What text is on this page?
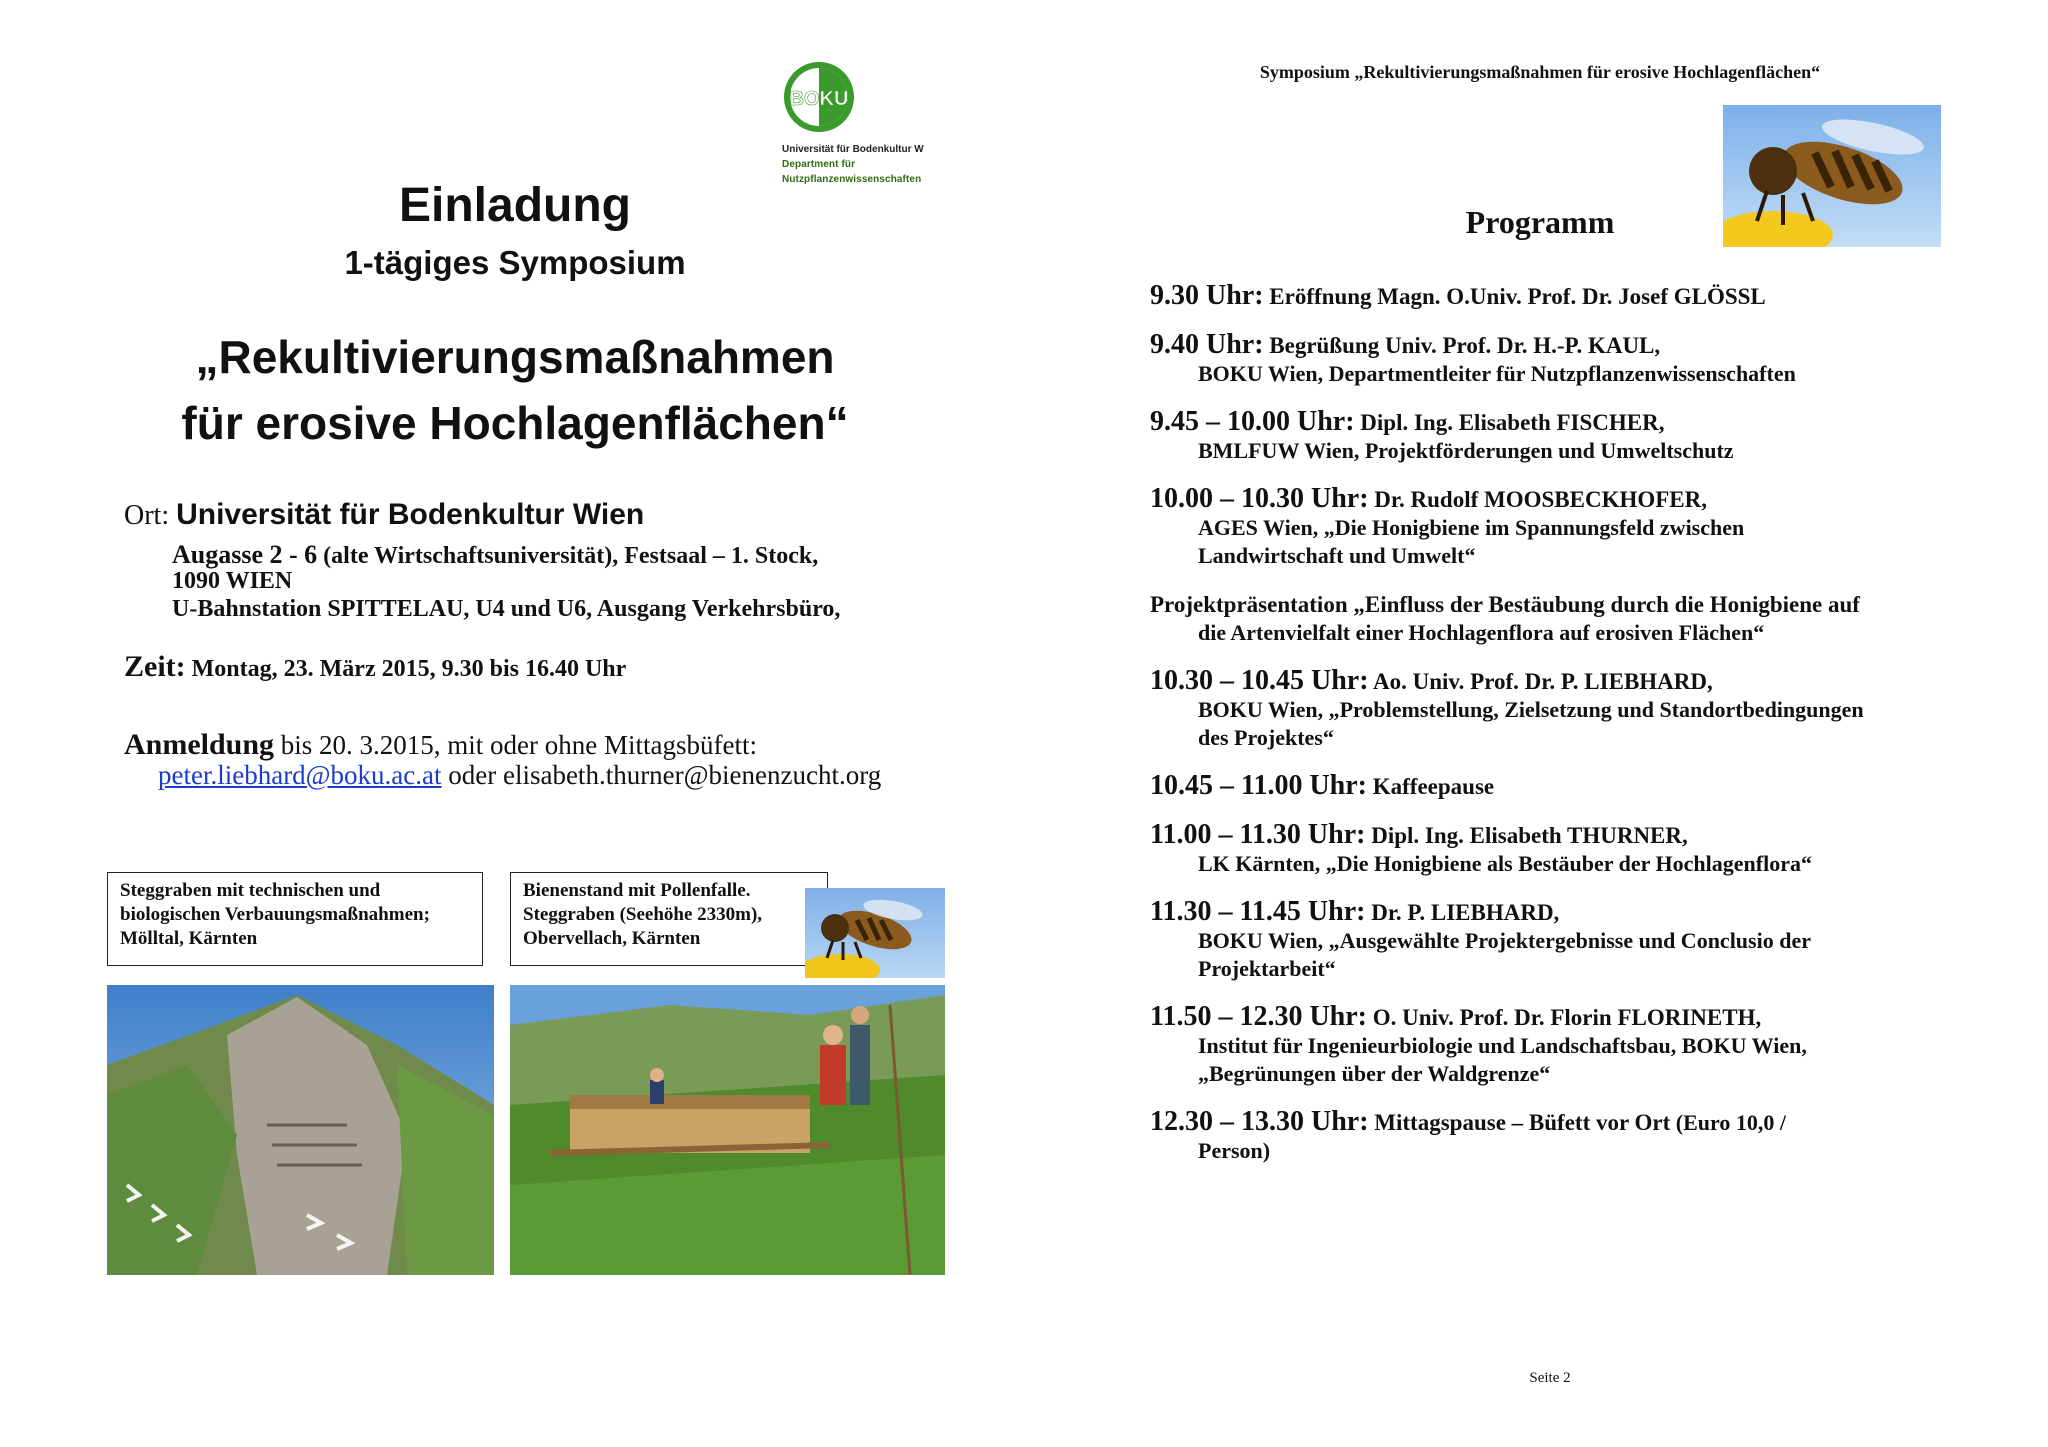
BOKU
Universität für Bodenkultur W
Department für
Nutzpflanzenwissenschaften
Einladung
1-tägiges Symposium
„Rekultivierungsmaßnahmen
für erosive Hochlagenflächen“
Ort: Universität für Bodenkultur Wien
Augasse 2 - 6 (alte Wirtschaftsuniversität), Festsaal – 1. Stock,
1090 WIEN
U-Bahnstation SPITTELAU, U4 und U6, Ausgang Verkehrsbüro,
Zeit: Montag, 23. März 2015, 9.30 bis 16.40 Uhr
Anmeldung bis 20. 3.2015, mit oder ohne Mittagsbüfett:
peter.liebhard@boku.ac.at oder elisabeth.thurner@bienenzucht.org
Steggraben mit technischen und
biologischen Verbauungsmaßnahmen;
Mölltal, Kärnten
Bienenstand mit Pollenfalle.
Steggraben (Seehöhe 2330m),
Obervellach, Kärnten
Symposium „Rekultivierungsmaßnahmen für erosive Hochlagenflächen“
Programm
9.30 Uhr: Eröffnung Magn. O.Univ. Prof. Dr. Josef GLÖSSL
9.40 Uhr: Begrüßung Univ. Prof. Dr. H.-P. KAUL,
BOKU Wien, Departmentleiter für Nutzpflanzenwissenschaften
9.45 – 10.00 Uhr: Dipl. Ing. Elisabeth FISCHER,
BMLFUW Wien, Projektförderungen und Umweltschutz
10.00 – 10.30 Uhr: Dr. Rudolf MOOSBECKHOFER,
AGES Wien, „Die Honigbiene im Spannungsfeld zwischen
Landwirtschaft und Umwelt“
Projektpräsentation „Einfluss der Bestäubung durch die Honigbiene auf
die Artenvielfalt einer Hochlagenflora auf erosiven Flächen“
10.30 – 10.45 Uhr: Ao. Univ. Prof. Dr. P. LIEBHARD,
BOKU Wien, „Problemstellung, Zielsetzung und Standortbedingungen
des Projektes“
10.45 – 11.00 Uhr: Kaffeepause
11.00 – 11.30 Uhr: Dipl. Ing. Elisabeth THURNER,
LK Kärnten, „Die Honigbiene als Bestäuber der Hochlagenflora“
11.30 – 11.45 Uhr: Dr. P. LIEBHARD,
BOKU Wien, „Ausgewählte Projektergebnisse und Conclusio der
Projektarbeit“
11.50 – 12.30 Uhr: O. Univ. Prof. Dr. Florin FLORINETH,
Institut für Ingenieurbiologie und Landschaftsbau, BOKU Wien,
„Begrünungen über der Waldgrenze“
12.30 – 13.30 Uhr: Mittagspause – Büfett vor Ort (Euro 10,0 /
Person)
Seite 2
